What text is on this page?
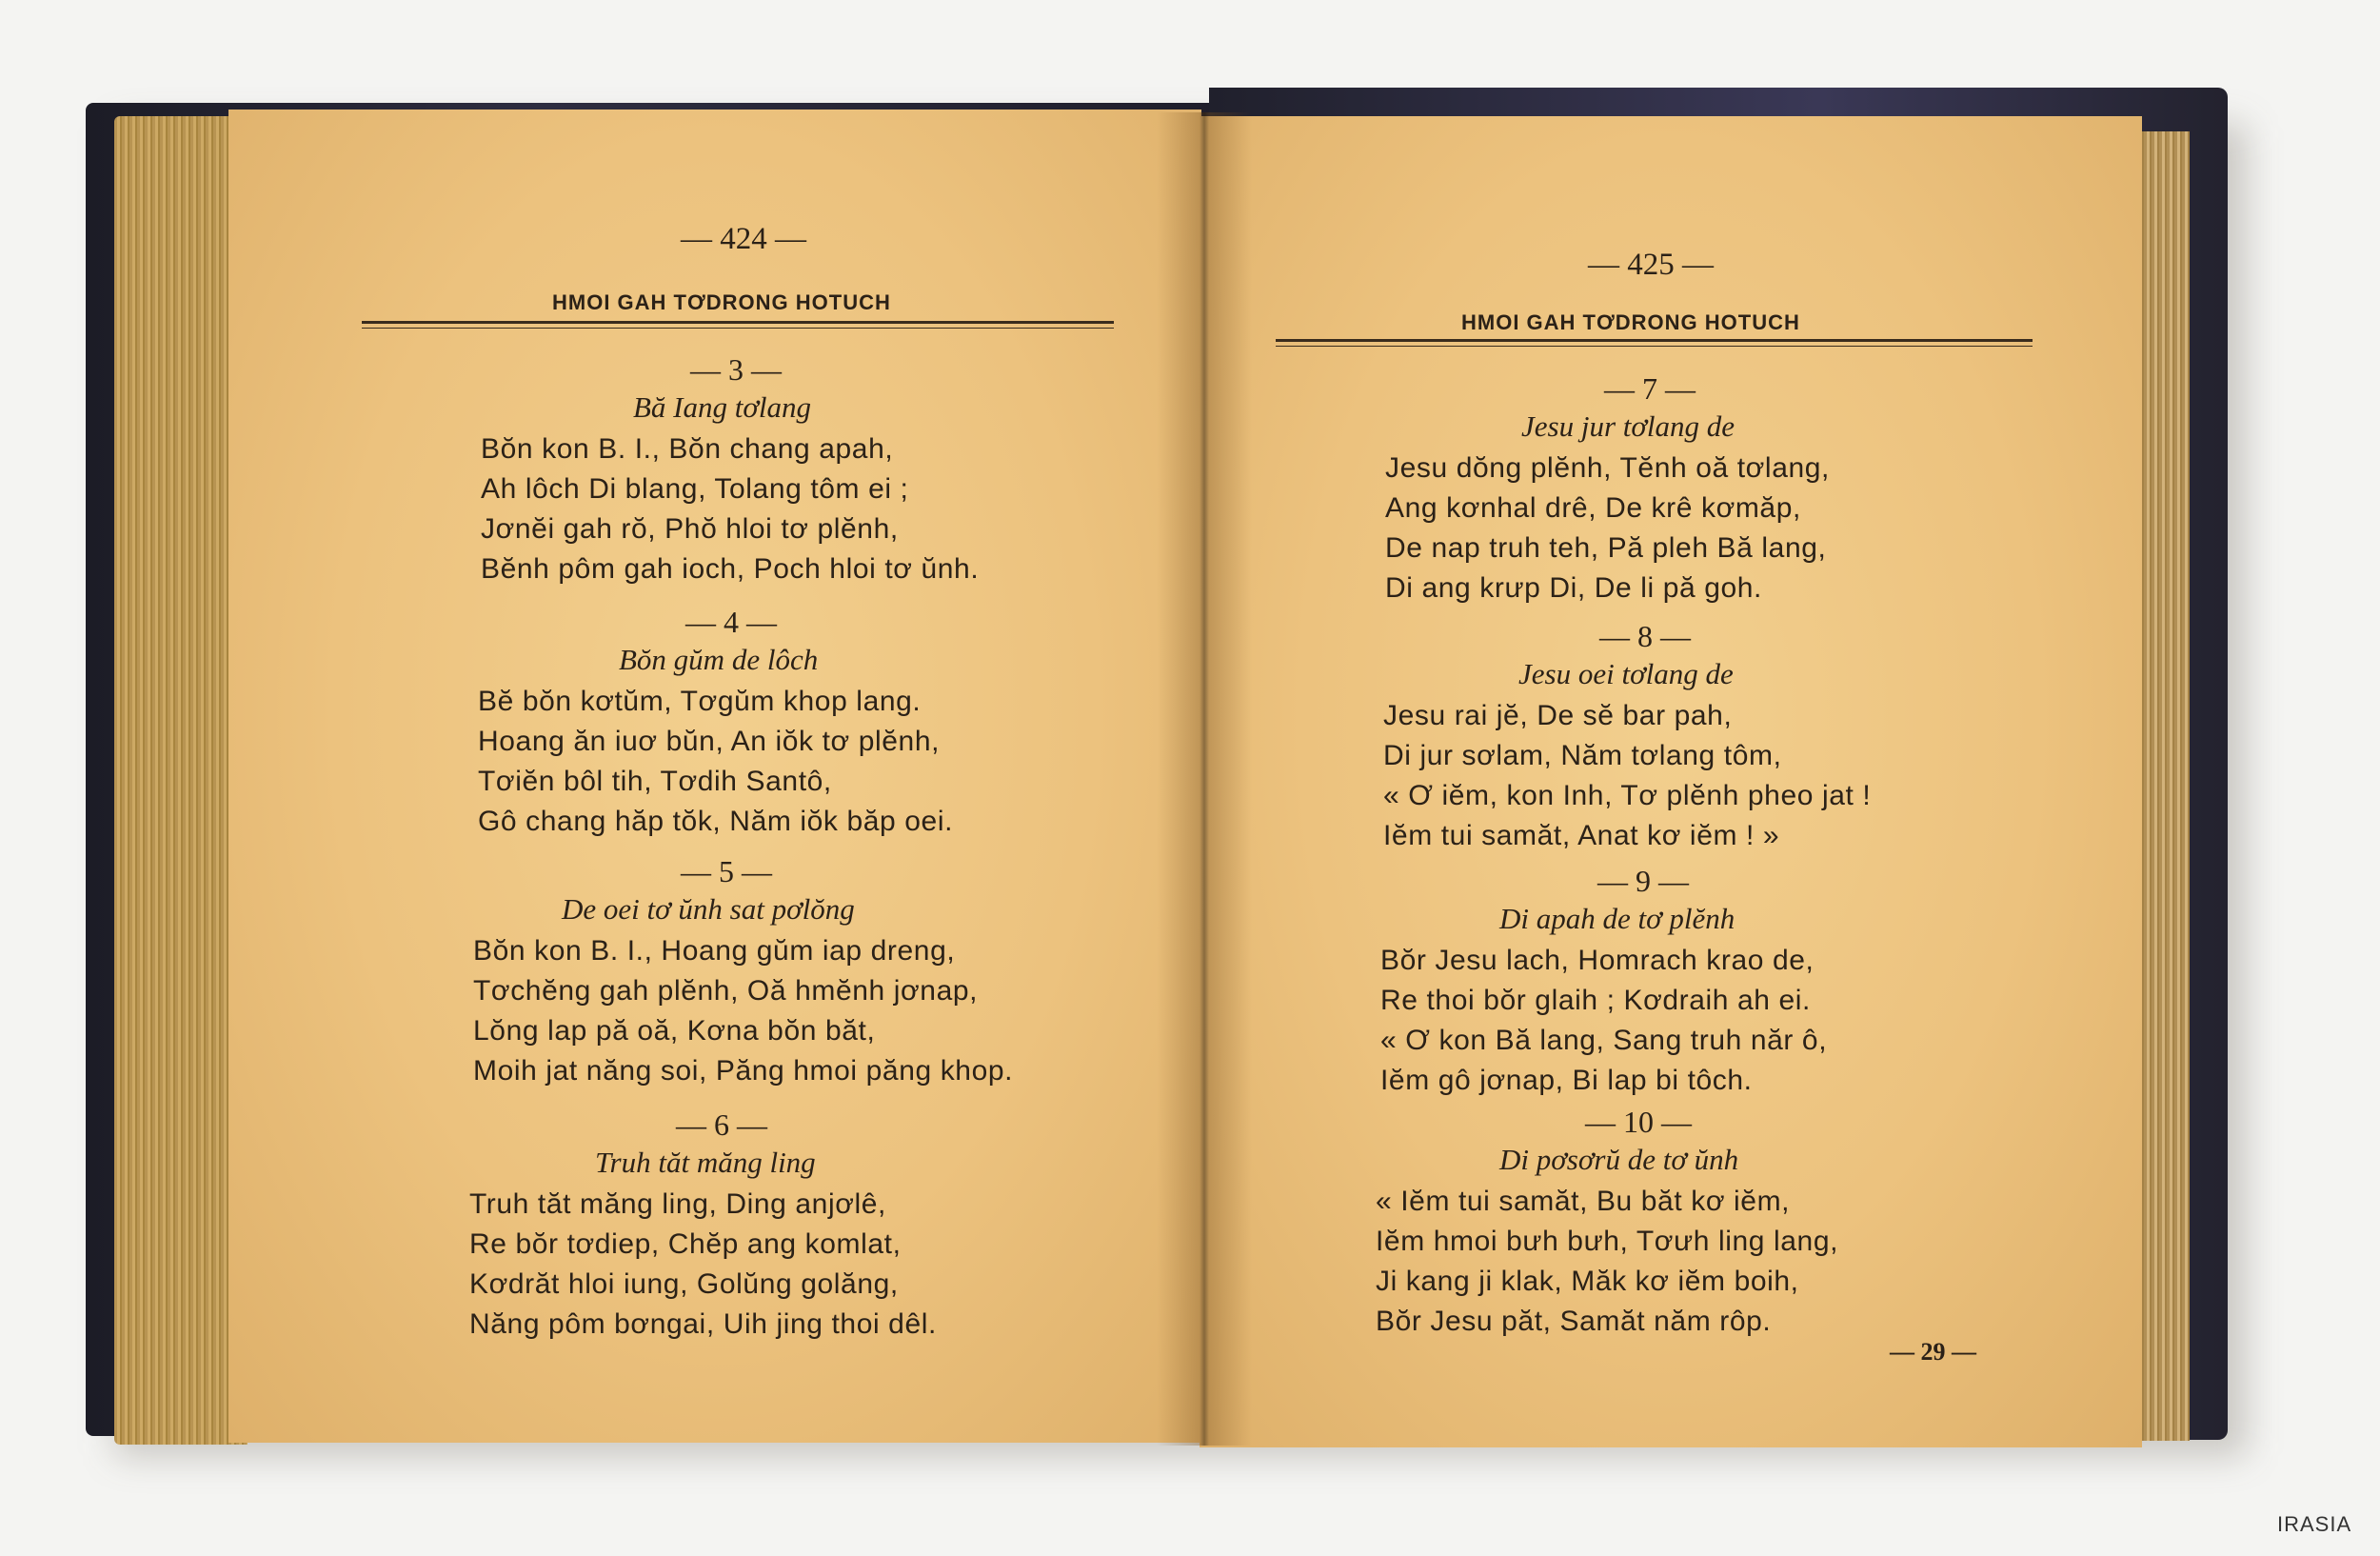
— 424 —
HMOI GAH TƠDRONG HOTUCH
— 3 —
Bă Iang tơlang
Bŏn kon B. I., Bŏn chang apah,
Ah lôch Di blang, Tolang tôm ei ;
Jơnĕi gah rŏ, Phŏ hloi tơ plĕnh,
Bĕnh pôm gah ioch, Poch hloi tơ ŭnh.
— 4 —
Bŏn gŭm de lôch
Bĕ bŏn kơtŭm, Tơgŭm khop lang.
Hoang ăn iuơ bŭn, An iŏk tơ plĕnh,
Tơiĕn bôl tih, Tơdih Santô,
Gô chang hăp tŏk, Năm iŏk băp oei.
— 5 —
De oei tơ ŭnh sat pơlŏng
Bŏn kon B. I., Hoang gŭm iap dreng,
Tơchĕng gah plĕnh, Oă hmĕnh jơnap,
Lŏng lap pă oă, Kơna bŏn băt,
Moih jat năng soi, Păng hmoi păng khop.
— 6 —
Truh tăt măng ling
Truh tăt măng ling, Ding anjơlê,
Re bŏr tơdiep, Chĕp ang komlat,
Kơdrăt hloi iung, Golŭng golăng,
Năng pôm bơngai, Uih jing thoi dêl.
— 425 —
HMOI GAH TƠDRONG HOTUCH
— 7 —
Jesu jur tơlang de
Jesu dŏng plĕnh, Tĕnh oă tơlang,
Ang kơnhal drê, De krê kơmăp,
De nap truh teh, Pă pleh Bă lang,
Di ang krưp Di, De li pă goh.
— 8 —
Jesu oei tơlang de
Jesu rai jĕ, De sĕ bar pah,
Di jur sơlam, Năm tơlang tôm,
« Ơ iĕm, kon Inh, Tơ plĕnh pheo jat !
Iĕm tui samăt, Anat kơ iĕm ! »
— 9 —
Di apah de tơ plĕnh
Bŏr Jesu lach, Homrach krao de,
Re thoi bŏr glaih ; Kơdraih ah ei.
« Ơ kon Bă lang, Sang truh năr ô,
Iĕm gô jơnap, Bi lap bi tôch.
— 10 —
Di pơsơrŭ de tơ ŭnh
« Iĕm tui samăt, Bu băt kơ iĕm,
Iĕm hmoi bưh bưh, Tơưh ling lang,
Ji kang ji klak, Măk kơ iĕm boih,
Bŏr Jesu păt, Samăt năm rôp.
— 29 —
IRASIA
